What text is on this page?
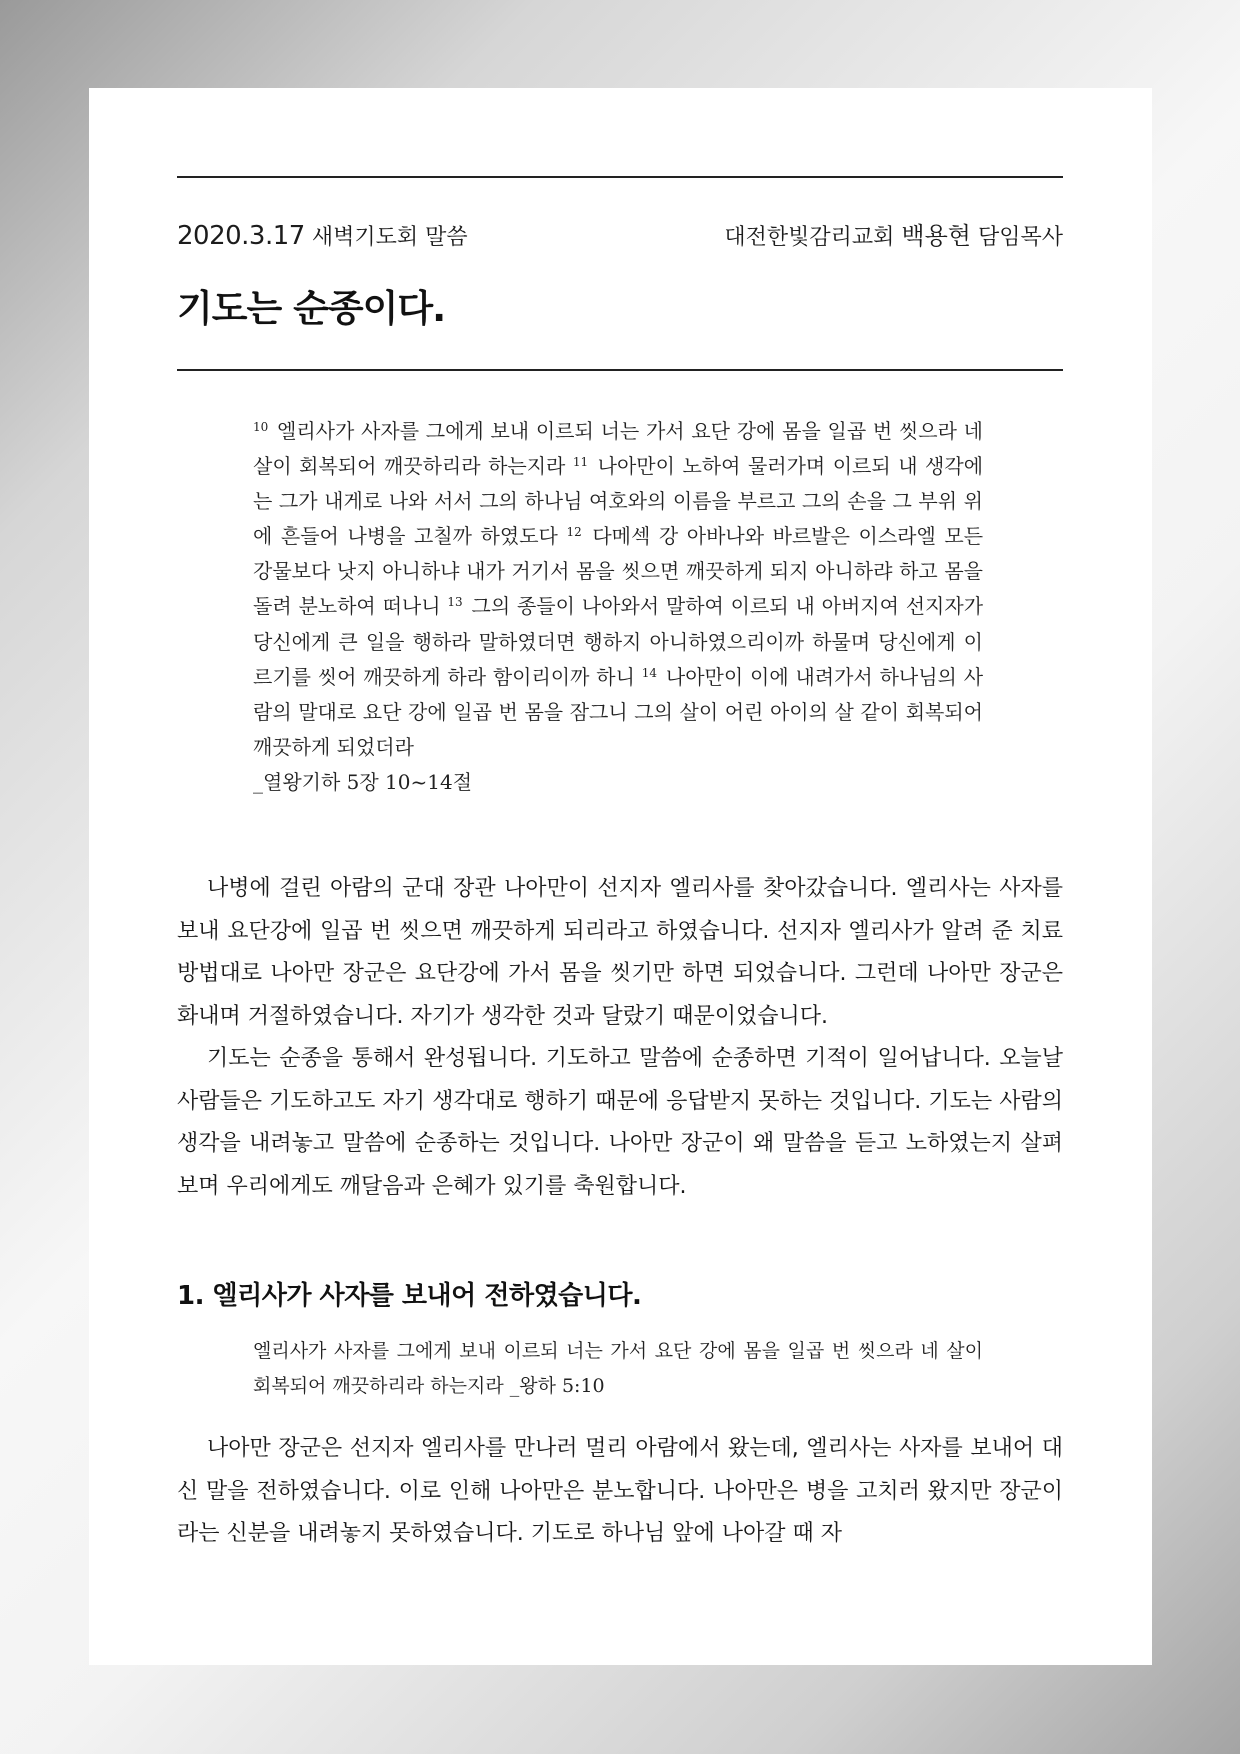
2020.3.17 새벽기도회 말씀	대전한빛감리교회 백용현 담임목사
기도는 순종이다.

$^{10}$ 엘리사가 사자를 그에게 보내 이르되 너는 가서 요단 강에 몸을 일곱 번 씻으라 네 살이 회복되어 깨끗하리라 하는지라 $^{11}$ 나아만이 노하여 물러가며 이르되 내 생각에는 그가 내게로 나와 서서 그의 하나님 여호와의 이름을 부르고 그의 손을 그 부위 위에 흔들어 나병을 고칠까 하였도다 $^{12}$ 다메섹 강 아바나와 바르발은 이스라엘 모든 강물보다 낫지 아니하냐 내가 거기서 몸을 씻으면 깨끗하게 되지 아니하랴 하고 몸을 돌려 분노하여 떠나니 $^{13}$ 그의 종들이 나아와서 말하여 이르되 내 아버지여 선지자가 당신에게 큰 일을 행하라 말하였더면 행하지 아니하였으리이까 하물며 당신에게 이르기를 씻어 깨끗하게 하라 함이리이까 하니 $^{14}$ 나아만이 이에 내려가서 하나님의 사람의 말대로 요단 강에 일곱 번 몸을 잠그니 그의 살이 어린 아이의 살 같이 회복되어 깨끗하게 되었더라

_열왕기하 5장 10~14절

나병에 걸린 아람의 군대 장관 나아만이 선지자 엘리사를 찾아갔습니다. 엘리사는 사자를 보내 요단강에 일곱 번 씻으면 깨끗하게 되리라고 하였습니다. 선지자 엘리사가 알려 준 치료 방법대로 나아만 장군은 요단강에 가서 몸을 씻기만 하면 되었습니다. 그런데 나아만 장군은 화내며 거절하였습니다. 자기가 생각한 것과 달랐기 때문이었습니다.

기도는 순종을 통해서 완성됩니다. 기도하고 말씀에 순종하면 기적이 일어납니다. 오늘날 사람들은 기도하고도 자기 생각대로 행하기 때문에 응답받지 못하는 것입니다. 기도는 사람의 생각을 내려놓고 말씀에 순종하는 것입니다. 나아만 장군이 왜 말씀을 듣고 노하였는지 살펴보며 우리에게도 깨달음과 은혜가 있기를 축원합니다.

1. 엘리사가 사자를 보내어 전하였습니다.
엘리사가 사자를 그에게 보내 이르되 너는 가서 요단 강에 몸을 일곱 번 씻으라 네 살이 회복되어 깨끗하리라 하는지라 _왕하 5:10

나아만 장군은 선지자 엘리사를 만나러 멀리 아람에서 왔는데, 엘리사는 사자를 보내어 대신 말을 전하였습니다. 이로 인해 나아만은 분노합니다. 나아만은 병을 고치러 왔지만 장군이라는 신분을 내려놓지 못하였습니다. 기도로 하나님 앞에 나아갈 때 자
